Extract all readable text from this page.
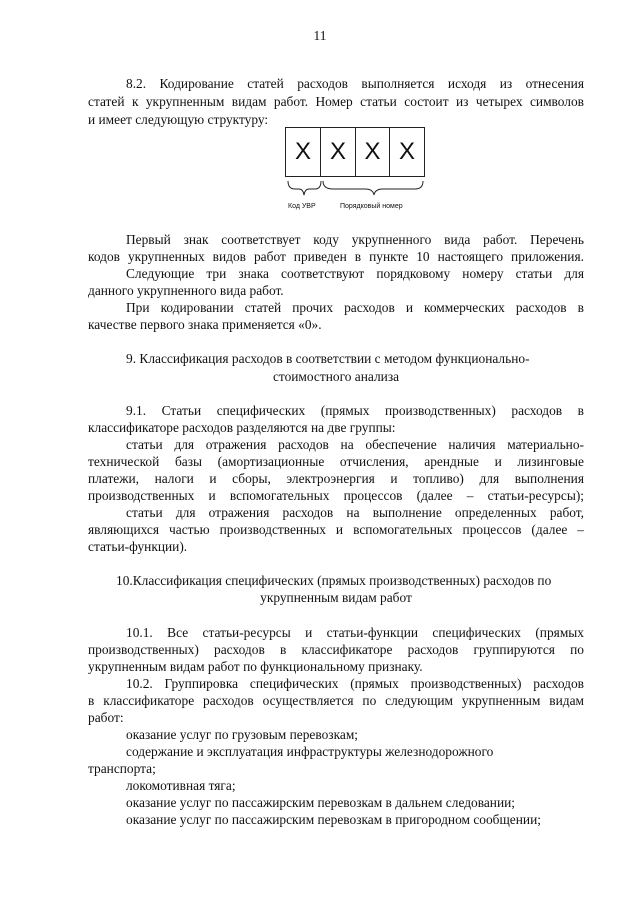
11
8.2. Кодирование статей расходов выполняется исходя из отнесения
статей к укрупненным видам работ. Номер статьи состоит из четырех символов
и имеет следующую структуру:
X X X X
Код УВР	Порядковый номер
Первый знак соответствует коду укрупненного вида работ. Перечень
кодов укрупненных видов работ приведен в пункте 10 настоящего приложения.
Следующие три знака соответствуют порядковому номеру статьи для
данного укрупненного вида работ.
При кодировании статей прочих расходов и коммерческих расходов в
качестве первого знака применяется «0».
9. Классификация расходов в соответствии с методом функционально-
стоимостного анализа
9.1. Статьи специфических (прямых производственных) расходов в
классификаторе расходов разделяются на две группы:
статьи для отражения расходов на обеспечение наличия материально-
технической базы (амортизационные отчисления, арендные и лизинговые
платежи, налоги и сборы, электроэнергия и топливо) для выполнения
производственных и вспомогательных процессов (далее – статьи-ресурсы);
статьи для отражения расходов на выполнение определенных работ,
являющихся частью производственных и вспомогательных процессов (далее –
статьи-функции).
10.Классификация специфических (прямых производственных) расходов по
укрупненным видам работ
10.1. Все статьи-ресурсы и статьи-функции специфических (прямых
производственных) расходов в классификаторе расходов группируются по
укрупненным видам работ по функциональному признаку.
10.2. Группировка специфических (прямых производственных) расходов
в классификаторе расходов осуществляется по следующим укрупненным видам
работ:
оказание услуг по грузовым перевозкам;
содержание и эксплуатация инфраструктуры железнодорожного
транспорта;
локомотивная тяга;
оказание услуг по пассажирским перевозкам в дальнем следовании;
оказание услуг по пассажирским перевозкам в пригородном сообщении;
